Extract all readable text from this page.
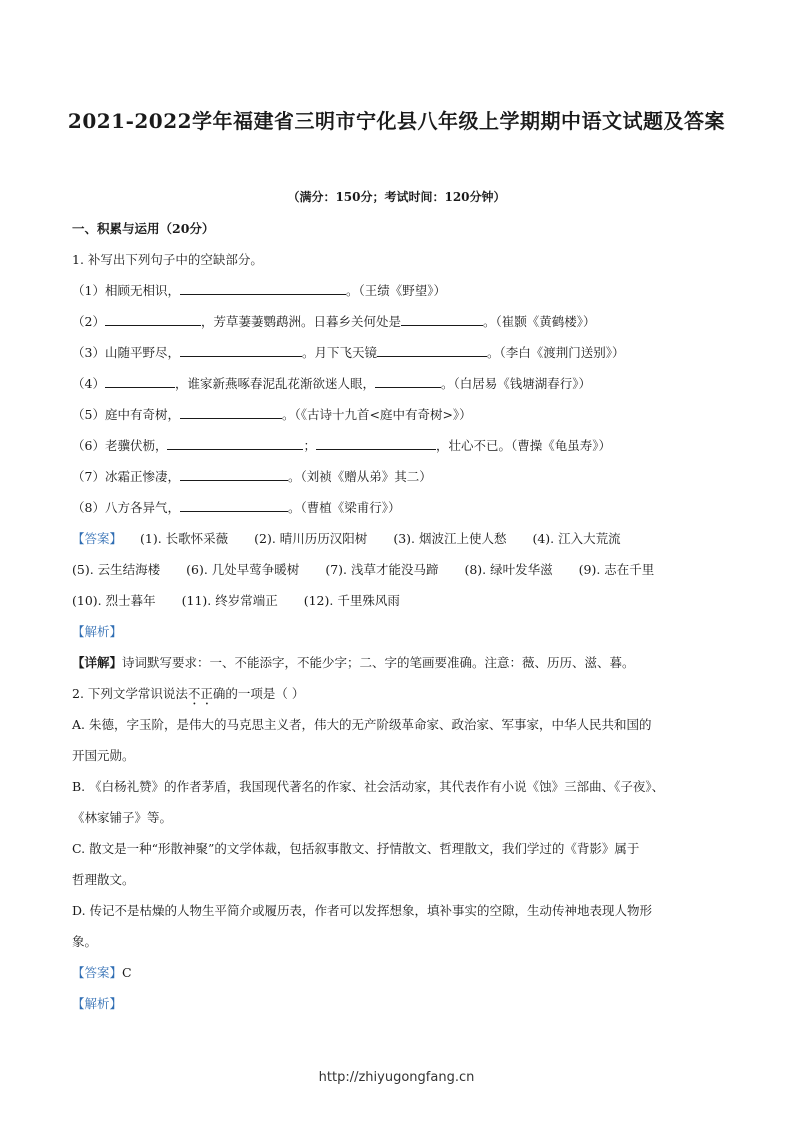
2021-2022学年福建省三明市宁化县八年级上学期期中语文试题及答案
（满分：150分；考试时间：120分钟）
一、积累与运用（20分）
1. 补写出下列句子中的空缺部分。
（1）相顾无相识，	。（王绩《野望》）
（2）	，芳草萋萋鹦鹉洲。日暮乡关何处是	。（崔颢《黄鹤楼》）
（3）山随平野尽，	。月下飞天镜	。（李白《渡荆门送别》）
（4）	，谁家新燕啄春泥乱花渐欲迷人眼，	。（白居易《钱塘湖春行》）
（5）庭中有奇树，	。（《古诗十九首<庭中有奇树>》）
（6）老骥伏枥，	；	，壮心不已。（曹操《龟虽寿》）
（7）冰霜正惨凄，	。（刘祯《赠从弟》其二）
（8）八方各异气，	。（曹植《梁甫行》）
【答案】 (1). 长歌怀采薇 (2). 晴川历历汉阳树 (3). 烟波江上使人愁 (4). 江入大荒流
(5). 云生结海楼 (6). 几处早莺争暖树 (7). 浅草才能没马蹄 (8). 绿叶发华滋 (9). 志在千里
(10). 烈士暮年 (11). 终岁常端正 (12). 千里殊风雨
【解析】
【详解】诗词默写要求：一、不能添字，不能少字；二、字的笔画要准确。注意：薇、历历、滋、暮。
2. 下列文学常识说法不正确的一项是（ ）
A. 朱德，字玉阶，是伟大的马克思主义者，伟大的无产阶级革命家、政治家、军事家，中华人民共和国的
开国元勋。
B. 《白杨礼赞》的作者茅盾，我国现代著名的作家、社会活动家，其代表作有小说《蚀》三部曲、《子夜》、
《林家铺子》等。
C. 散文是一种“形散神聚”的文学体裁，包括叙事散文、抒情散文、哲理散文，我们学过的《背影》属于
哲理散文。
D. 传记不是枯燥的人物生平简介或履历表，作者可以发挥想象，填补事实的空隙，生动传神地表现人物形
象。
【答案】C
【解析】
http://zhiyugongfang.cn
